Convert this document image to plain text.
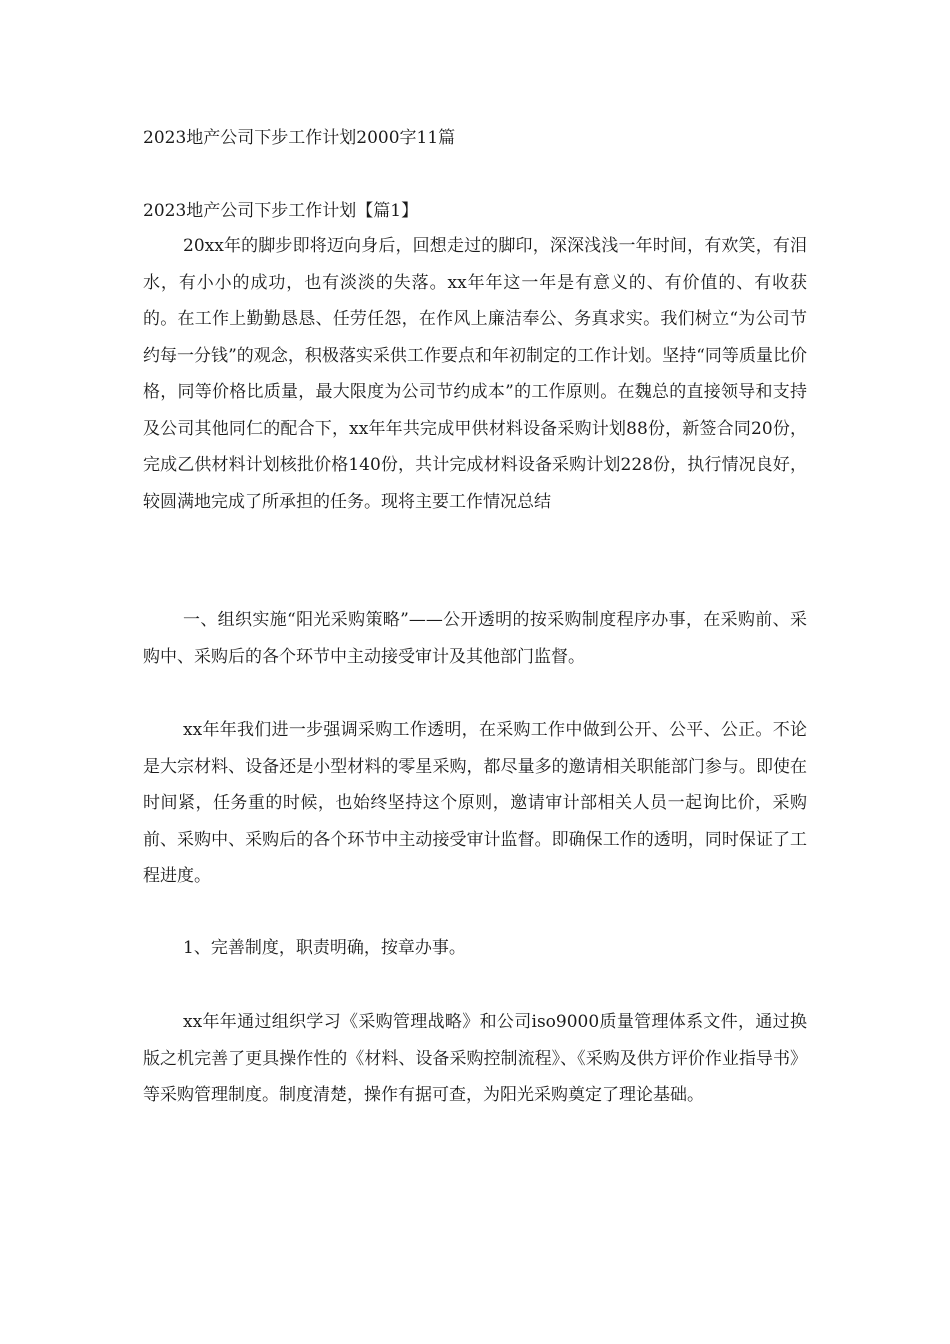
2023地产公司下步工作计划2000字11篇
2023地产公司下步工作计划【篇1】

20xx年的脚步即将迈向身后，回想走过的脚印，深深浅浅一年时间，有欢笑，有泪水，有小小的成功，也有淡淡的失落。xx年年这一年是有意义的、有价值的、有收获的。在工作上勤勤恳恳、任劳任怨，在作风上廉洁奉公、务真求实。我们树立“为公司节约每一分钱”的观念，积极落实采供工作要点和年初制定的工作计划。坚持“同等质量比价格，同等价格比质量，最大限度为公司节约成本”的工作原则。在魏总的直接领导和支持及公司其他同仁的配合下，xx年年共完成甲供材料设备采购计划88份，新签合同20份，完成乙供材料计划核批价格140份，共计完成材料设备采购计划228份，执行情况良好，较圆满地完成了所承担的任务。现将主要工作情况总结

一、组织实施“阳光采购策略”——公开透明的按采购制度程序办事，在采购前、采购中、采购后的各个环节中主动接受审计及其他部门监督。

xx年年我们进一步强调采购工作透明，在采购工作中做到公开、公平、公正。不论是大宗材料、设备还是小型材料的零星采购，都尽量多的邀请相关职能部门参与。即使在时间紧，任务重的时候，也始终坚持这个原则，邀请审计部相关人员一起询比价，采购前、采购中、采购后的各个环节中主动接受审计监督。即确保工作的透明，同时保证了工程进度。

1、完善制度，职责明确，按章办事。

xx年年通过组织学习《采购管理战略》和公司iso9000质量管理体系文件，通过换版之机完善了更具操作性的《材料、设备采购控制流程》、《采购及供方评价作业指导书》等采购管理制度。制度清楚，操作有据可查，为阳光采购奠定了理论基础。
